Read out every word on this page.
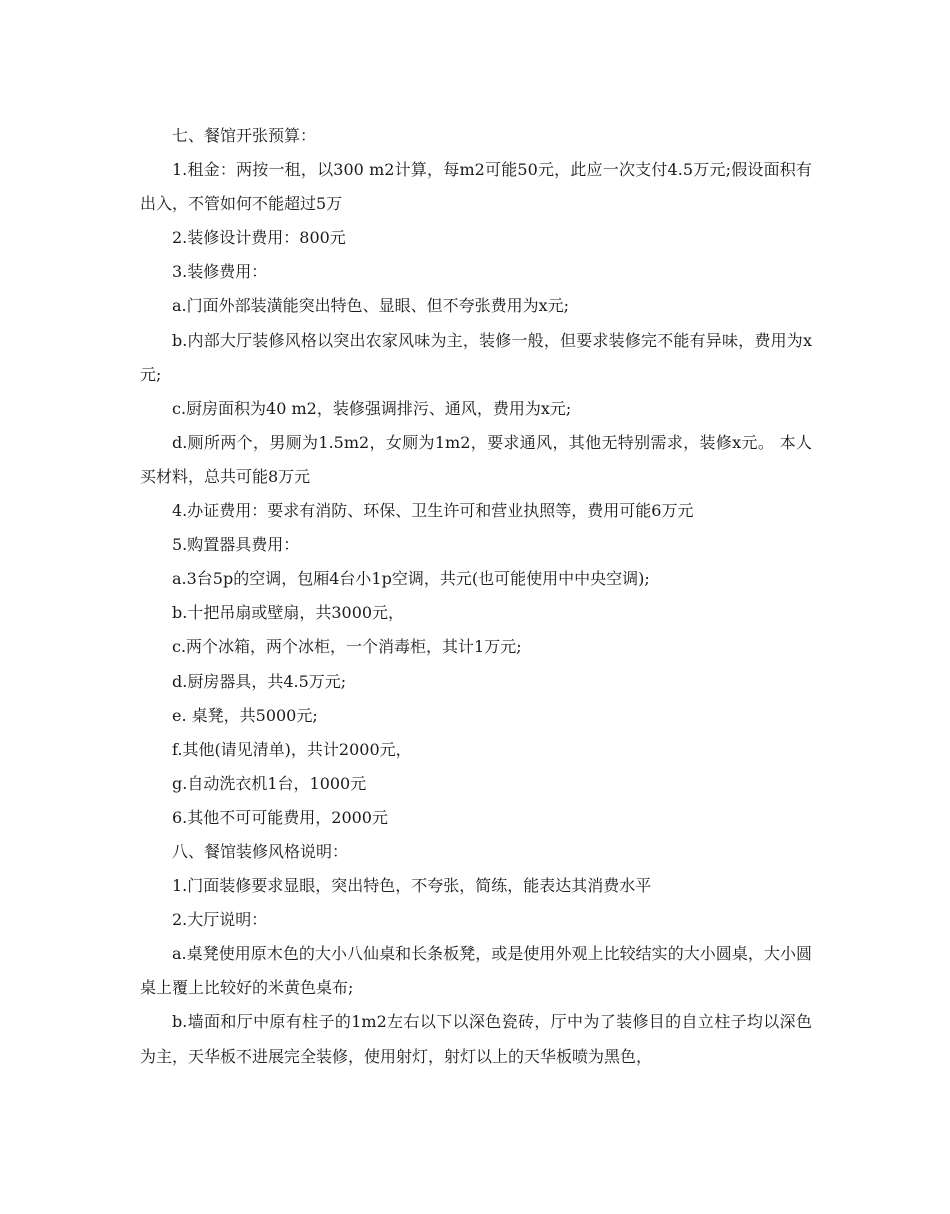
七、餐馆开张预算：

1.租金：两按一租，以300 m2计算，每m2可能50元，此应一次支付4.5万元;假设面积有出入，不管如何不能超过5万

2.装修设计费用：800元

3.装修费用：

a.门面外部装潢能突出特色、显眼、但不夸张费用为x元;

b.内部大厅装修风格以突出农家风味为主，装修一般，但要求装修完不能有异味，费用为x元;

c.厨房面积为40 m2，装修强调排污、通风，费用为x元;

d.厕所两个，男厕为1.5m2，女厕为1m2，要求通风，其他无特别需求，装修x元。 本人买材料，总共可能8万元

4.办证费用：要求有消防、环保、卫生许可和营业执照等，费用可能6万元

5.购置器具费用：

a.3台5p的空调，包厢4台小1p空调，共元(也可能使用中中央空调);

b.十把吊扇或壁扇，共3000元，

c.两个冰箱，两个冰柜，一个消毒柜，其计1万元;

d.厨房器具，共4.5万元;

e. 桌凳，共5000元;

f.其他(请见清单)，共计2000元，

g.自动洗衣机1台，1000元

6.其他不可可能费用，2000元

八、餐馆装修风格说明：

1.门面装修要求显眼，突出特色，不夸张，简练，能表达其消费水平

2.大厅说明：

a.桌凳使用原木色的大小八仙桌和长条板凳，或是使用外观上比较结实的大小圆桌，大小圆桌上覆上比较好的米黄色桌布;

b.墙面和厅中原有柱子的1m2左右以下以深色瓷砖，厅中为了装修目的自立柱子均以深色为主，天华板不进展完全装修，使用射灯，射灯以上的天华板喷为黑色，
